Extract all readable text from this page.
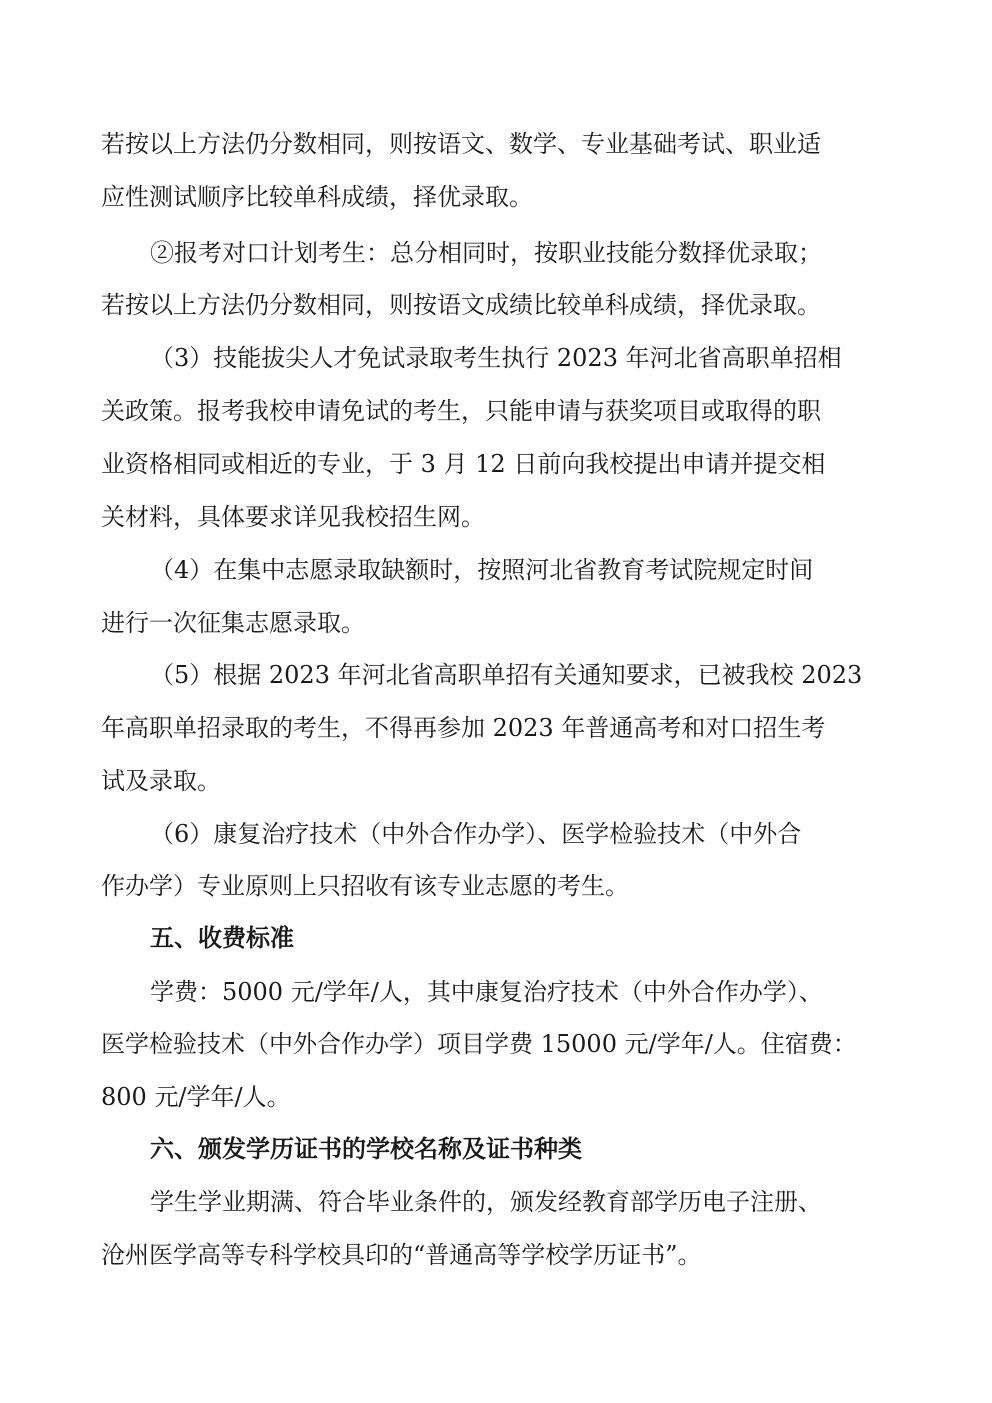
若按以上方法仍分数相同，则按语文、数学、专业基础考试、职业适
应性测试顺序比较单科成绩，择优录取。
②报考对口计划考生：总分相同时，按职业技能分数择优录取；
若按以上方法仍分数相同，则按语文成绩比较单科成绩，择优录取。
（3）技能拔尖人才免试录取考生执行 2023 年河北省高职单招相
关政策。报考我校申请免试的考生，只能申请与获奖项目或取得的职
业资格相同或相近的专业，于 3 月 12 日前向我校提出申请并提交相
关材料，具体要求详见我校招生网。
（4）在集中志愿录取缺额时，按照河北省教育考试院规定时间
进行一次征集志愿录取。
（5）根据 2023 年河北省高职单招有关通知要求，已被我校 2023
年高职单招录取的考生，不得再参加 2023 年普通高考和对口招生考
试及录取。
（6）康复治疗技术（中外合作办学）、医学检验技术（中外合
作办学）专业原则上只招收有该专业志愿的考生。
五、收费标准
学费：5000 元/学年/人，其中康复治疗技术（中外合作办学）、
医学检验技术（中外合作办学）项目学费 15000 元/学年/人。住宿费：
800 元/学年/人。
六、颁发学历证书的学校名称及证书种类
学生学业期满、符合毕业条件的，颁发经教育部学历电子注册、
沧州医学高等专科学校具印的“普通高等学校学历证书”。
